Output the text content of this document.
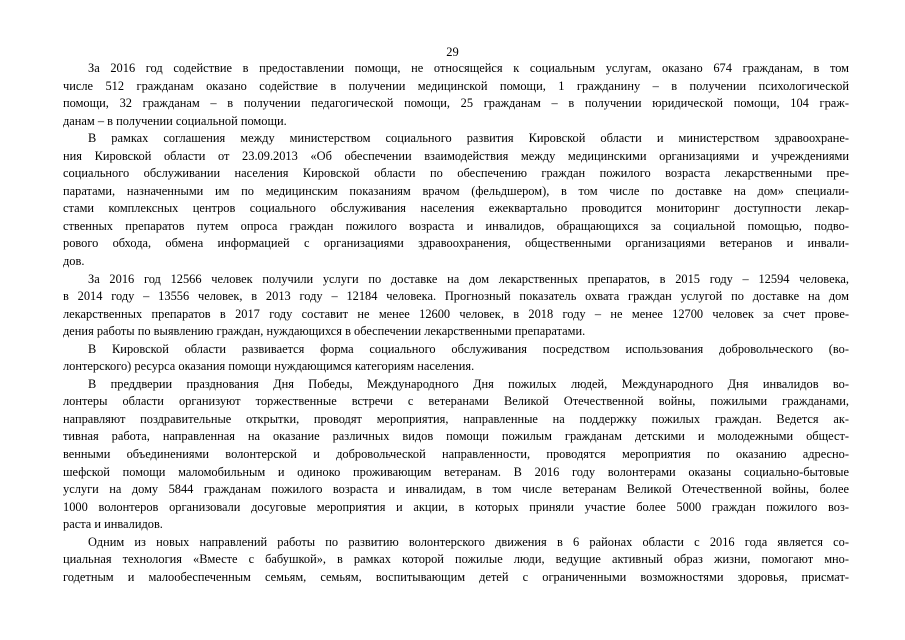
29
За 2016 год содействие в предоставлении помощи, не относящейся к социальным услугам, оказано 674 гражданам, в том
числе 512 гражданам оказано содействие в получении медицинской помощи, 1 гражданину – в получении психологической
помощи, 32 гражданам – в получении педагогической помощи, 25 гражданам – в получении юридической помощи, 104 граж-
данам – в получении социальной помощи.
В рамках соглашения между министерством социального развития Кировской области и министерством здравоохране-
ния Кировской области от 23.09.2013 «Об обеспечении взаимодействия между медицинскими организациями и учреждениями
социального обслуживании населения Кировской области по обеспечению граждан пожилого возраста лекарственными пре-
паратами, назначенными им по медицинским показаниям врачом (фельдшером), в том числе по доставке на дом» специали-
стами комплексных центров социального обслуживания населения ежеквартально проводится мониторинг доступности лекар-
ственных препаратов путем опроса граждан пожилого возраста и инвалидов, обращающихся за социальной помощью, подво-
рового обхода, обмена информацией с организациями здравоохранения, общественными организациями ветеранов и инвали-
дов.
За 2016 год 12566 человек получили услуги по доставке на дом лекарственных препаратов, в 2015 году – 12594 человека,
в 2014 году – 13556 человек, в 2013 году – 12184 человека. Прогнозный показатель охвата граждан услугой по доставке на дом
лекарственных препаратов в 2017 году составит не менее 12600 человек, в 2018 году – не менее 12700 человек за счет прове-
дения работы по выявлению граждан, нуждающихся в обеспечении лекарственными препаратами.
В Кировской области развивается форма социального обслуживания посредством использования добровольческого (во-
лонтерского) ресурса оказания помощи нуждающимся категориям населения.
В преддверии празднования Дня Победы, Международного Дня пожилых людей, Международного Дня инвалидов во-
лонтеры области организуют торжественные встречи с ветеранами Великой Отечественной войны, пожилыми гражданами,
направляют поздравительные открытки, проводят мероприятия, направленные на поддержку пожилых граждан. Ведется ак-
тивная работа, направленная на оказание различных видов помощи пожилым гражданам детскими и молодежными общест-
венными объединениями волонтерской и добровольческой направленности, проводятся мероприятия по оказанию адресно-
шефской помощи маломобильным и одиноко проживающим ветеранам. В 2016 году волонтерами оказаны социально-бытовые
услуги на дому 5844 гражданам пожилого возраста и инвалидам, в том числе ветеранам Великой Отечественной войны, более
1000 волонтеров организовали досуговые мероприятия и акции, в которых приняли участие более 5000 граждан пожилого воз-
раста и инвалидов.
Одним из новых направлений работы по развитию волонтерского движения в 6 районах области с 2016 года является со-
циальная технология «Вместе с бабушкой», в рамках которой пожилые люди, ведущие активный образ жизни, помогают мно-
годетным и малообеспеченным семьям, семьям, воспитывающим детей с ограниченными возможностями здоровья, присмат-
